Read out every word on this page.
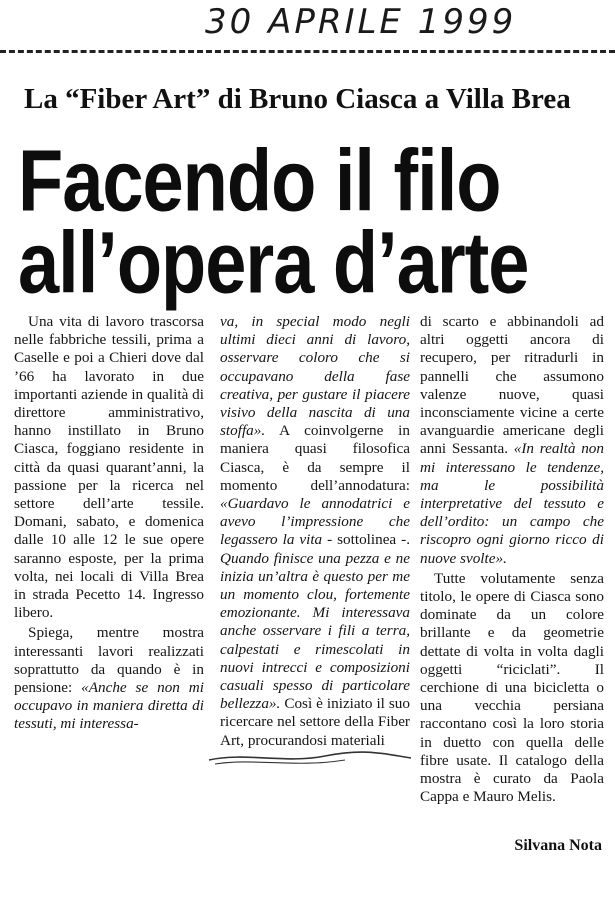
30 APRILE 1999
La “Fiber Art” di Bruno Ciasca a Villa Brea
Facendo il filo
all’opera d’arte

Una vita di lavoro trascorsa nelle fabbriche tessili, prima a Caselle e poi a Chieri dove dal ’66 ha lavorato in due importanti aziende in qualità di direttore amministrativo, hanno instillato in Bruno Ciasca, foggiano residente in città da quasi quarant’anni, la passione per la ricerca nel settore dell’arte tessile. Domani, sabato, e domenica dalle 10 alle 12 le sue opere saranno esposte, per la prima volta, nei locali di Villa Brea in strada Pecetto 14. Ingresso libero.

Spiega, mentre mostra interessanti lavori realizzati soprattutto da quando è in pensione: «Anche se non mi occupavo in maniera diretta di tessuti, mi interessa-

va, in special modo negli ultimi dieci anni di lavoro, osservare coloro che si occupavano della fase creativa, per gustare il piacere visivo della nascita di una stoffa». A coinvolgerne in maniera quasi filosofica Ciasca, è da sempre il momento dell’annodatura: «Guardavo le annodatrici e avevo l’impressione che legassero la vita - sottolinea -. Quando finisce una pezza e ne inizia un’altra è questo per me un momento clou, fortemente emozionante. Mi interessava anche osservare i fili a terra, calpestati e rimescolati in nuovi intrecci e composizioni casuali spesso di particolare bellezza». Così è iniziato il suo ricercare nel settore della Fiber Art, procurandosi materiali

di scarto e abbinandoli ad altri oggetti ancora di recupero, per ritradurli in pannelli che assumono valenze nuove, quasi inconsciamente vicine a certe avanguardie americane degli anni Sessanta. «In realtà non mi interessano le tendenze, ma le possibilità interpretative del tessuto e dell’ordito: un campo che riscopro ogni giorno ricco di nuove svolte».

Tutte volutamente senza titolo, le opere di Ciasca sono dominate da un colore brillante e da geometrie dettate di volta in volta dagli oggetti “riciclati”. Il cerchione di una bicicletta o una vecchia persiana raccontano così la loro storia in duetto con quella delle fibre usate. Il catalogo della mostra è curato da Paola Cappa e Mauro Melis.

Silvana Nota
